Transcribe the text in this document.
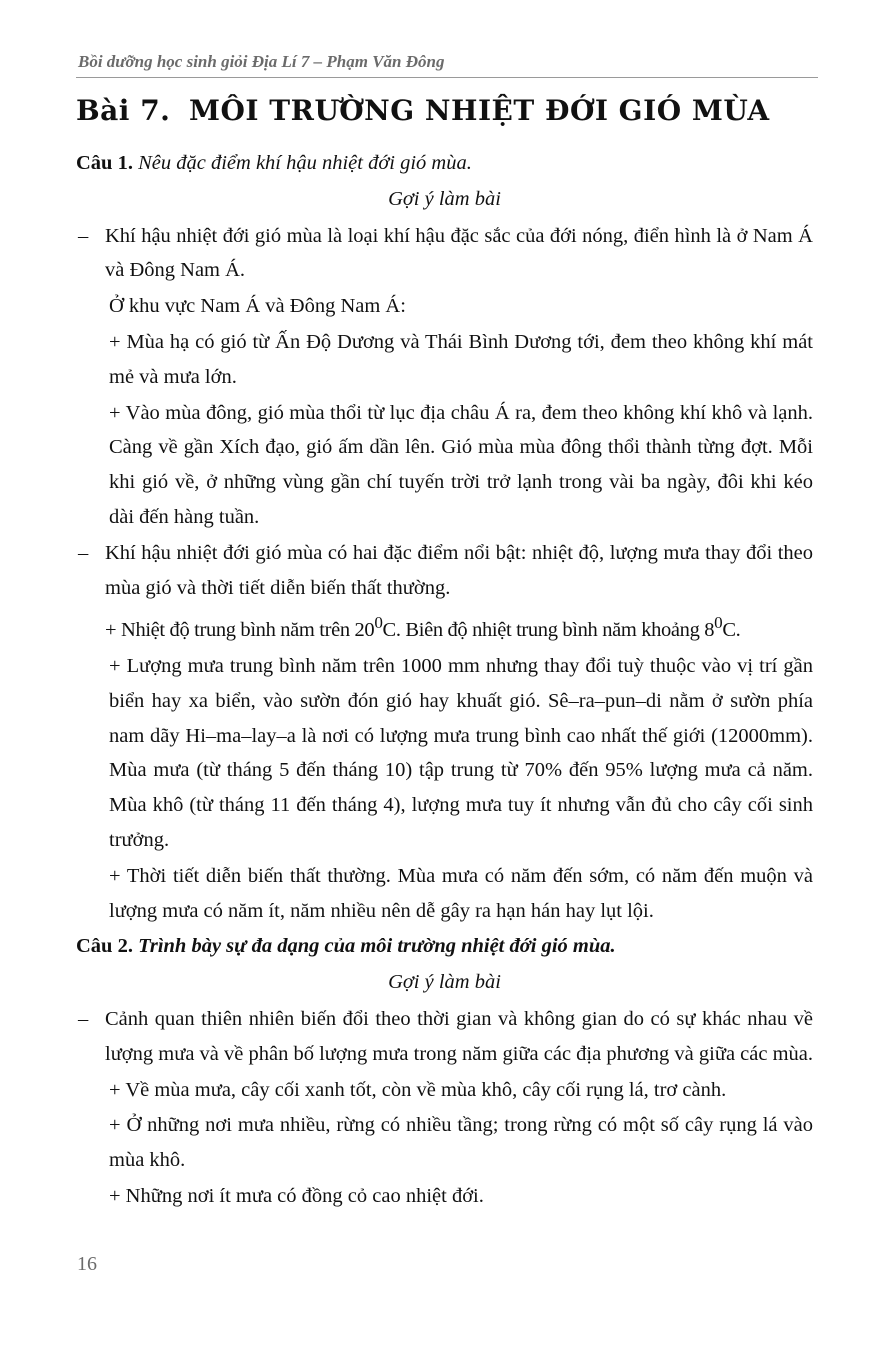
Bồi dưỡng học sinh giỏi Địa Lí 7 – Phạm Văn Đông
Bài 7. MÔI TRƯỜNG NHIỆT ĐỚI GIÓ MÙA

Câu 1. Nêu đặc điểm khí hậu nhiệt đới gió mùa.

Gợi ý làm bài

– Khí hậu nhiệt đới gió mùa là loại khí hậu đặc sắc của đới nóng, điển hình là ở Nam Á và Đông Nam Á.

Ở khu vực Nam Á và Đông Nam Á:

+ Mùa hạ có gió từ Ấn Độ Dương và Thái Bình Dương tới, đem theo không khí mát mẻ và mưa lớn.

+ Vào mùa đông, gió mùa thổi từ lục địa châu Á ra, đem theo không khí khô và lạnh. Càng về gần Xích đạo, gió ấm dần lên. Gió mùa mùa đông thổi thành từng đợt. Mỗi khi gió về, ở những vùng gần chí tuyến trời trở lạnh trong vài ba ngày, đôi khi kéo dài đến hàng tuần.

– Khí hậu nhiệt đới gió mùa có hai đặc điểm nổi bật: nhiệt độ, lượng mưa thay đổi theo mùa gió và thời tiết diễn biến thất thường.

+ Nhiệt độ trung bình năm trên $20^0C$. Biên độ nhiệt trung bình năm khoảng $8^0C$.

+ Lượng mưa trung bình năm trên 1000 mm nhưng thay đổi tuỳ thuộc vào vị trí gần biển hay xa biển, vào sườn đón gió hay khuất gió. Sê–ra–pun–di nằm ở sườn phía nam dãy Hi–ma–lay–a là nơi có lượng mưa trung bình cao nhất thế giới (12000mm). Mùa mưa (từ tháng 5 đến tháng 10) tập trung từ 70% đến 95% lượng mưa cả năm. Mùa khô (từ tháng 11 đến tháng 4), lượng mưa tuy ít nhưng vẫn đủ cho cây cối sinh trưởng.

+ Thời tiết diễn biến thất thường. Mùa mưa có năm đến sớm, có năm đến muộn và lượng mưa có năm ít, năm nhiều nên dễ gây ra hạn hán hay lụt lội.

Câu 2. Trình bày sự đa dạng của môi trường nhiệt đới gió mùa.

Gợi ý làm bài

– Cảnh quan thiên nhiên biến đổi theo thời gian và không gian do có sự khác nhau về lượng mưa và về phân bố lượng mưa trong năm giữa các địa phương và giữa các mùa.

+ Về mùa mưa, cây cối xanh tốt, còn về mùa khô, cây cối rụng lá, trơ cành.

+ Ở những nơi mưa nhiều, rừng có nhiều tầng; trong rừng có một số cây rụng lá vào mùa khô.

+ Những nơi ít mưa có đồng cỏ cao nhiệt đới.

16
